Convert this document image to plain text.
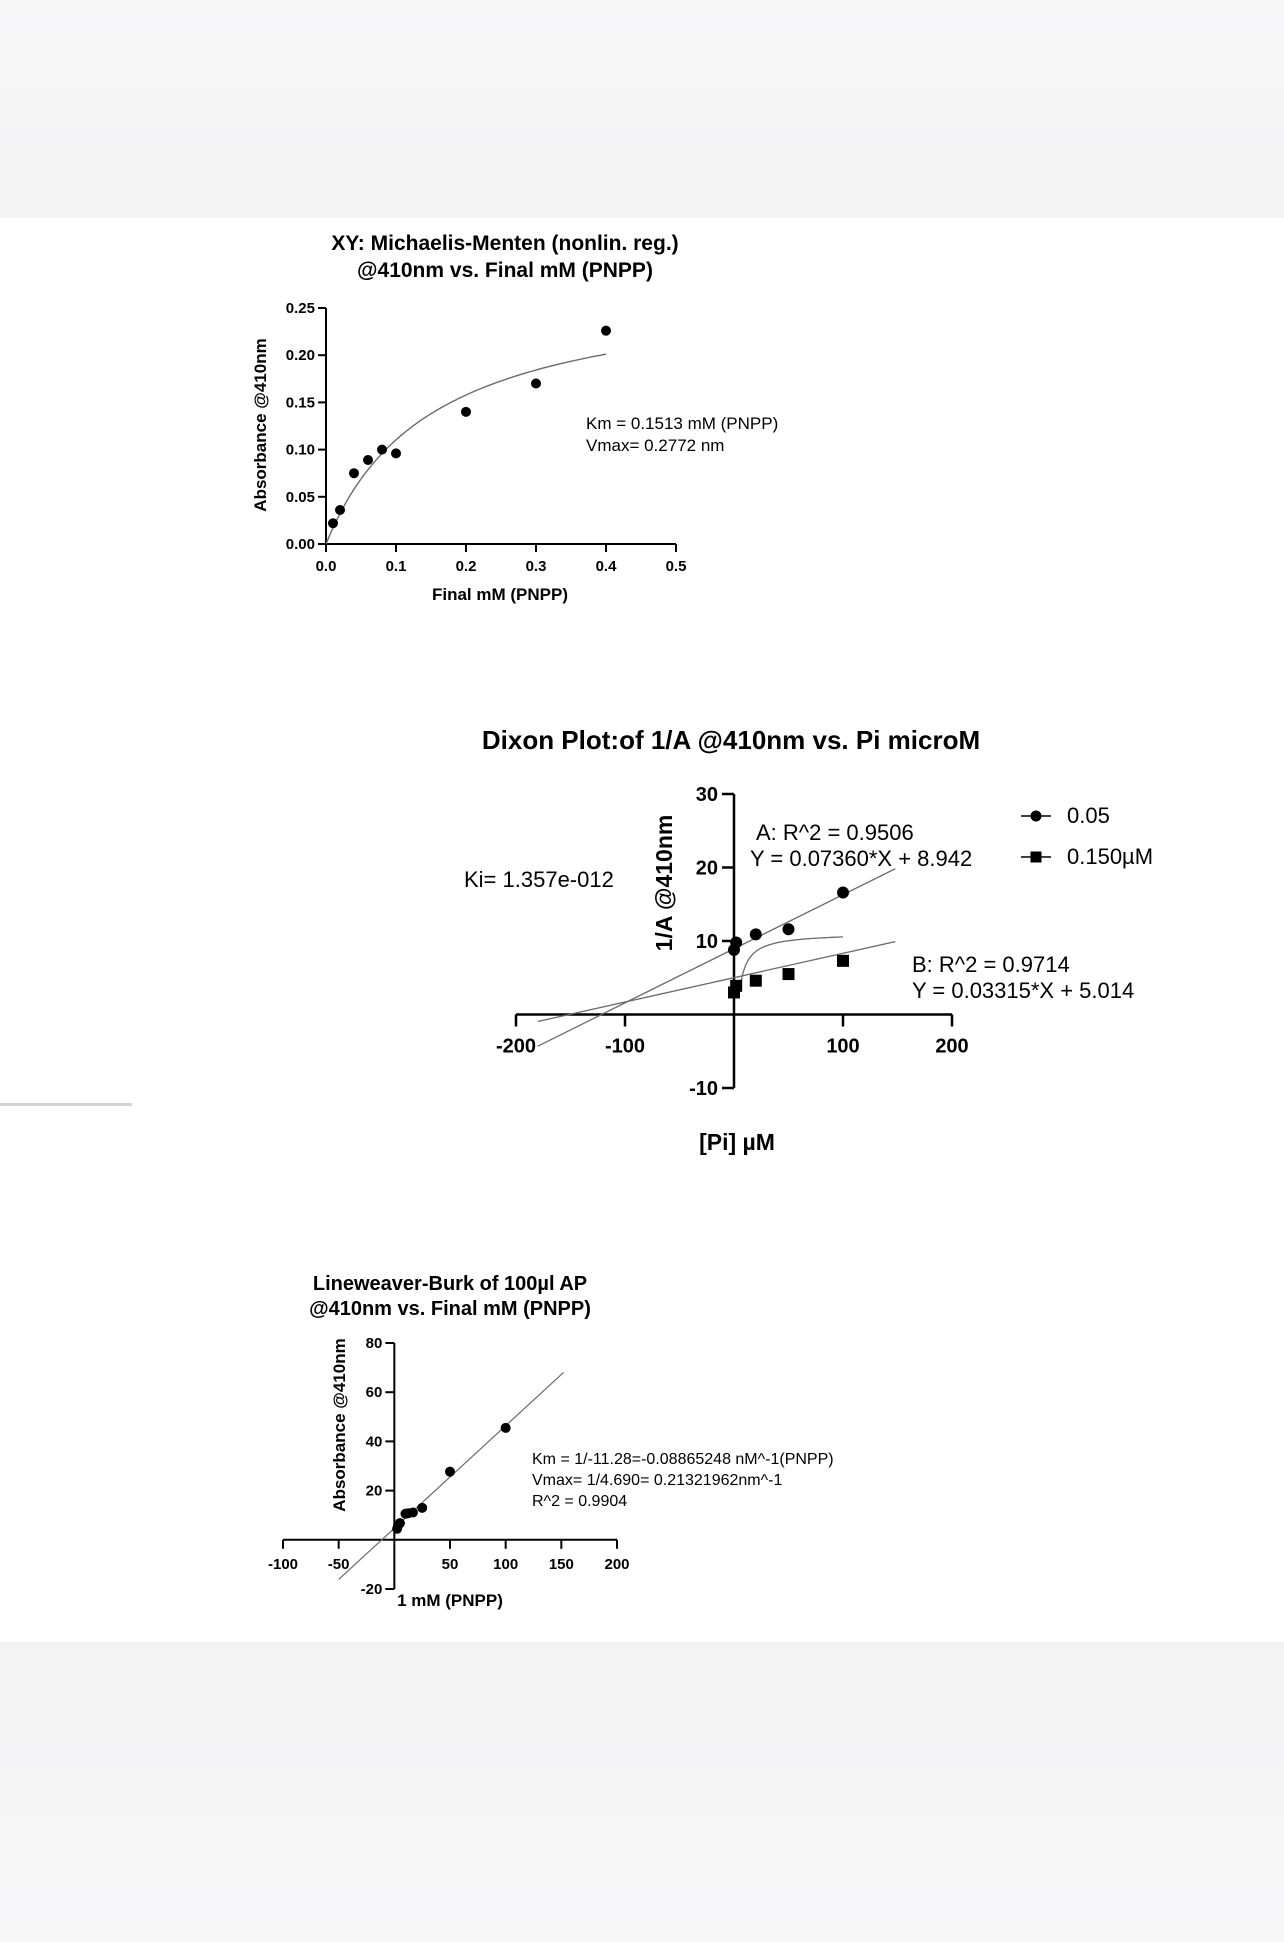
XY: Michaelis-Menten (nonlin. reg.)
@410nm vs. Final mM (PNPP)
Final mM (PNPP)
Absorbance @410nm	Km = 0.1513 mM (PNPP)
Vmax= 0.2772 nm
Dixon Plot:of 1/A @410nm vs. Pi microM
[Pi] µM
1/A @410nm
Ki= 1.357e-012
A: R^2 = 0.9506
Y = 0.07360*X + 8.942
B: R^2 = 0.9714
Y = 0.03315*X + 5.014
0.05
0.150µM
Lineweaver-Burk of 100µl AP
@410nm vs. Final mM (PNPP)
1 mM (PNPP)
Absorbance @410nm	Km = 1/-11.28=-0.08865248 nM^-1(PNPP)
Vmax= 1/4.690= 0.21321962nm^-1
R^2 = 0.9904
0.0	0.1	0.2	0.3	0.4	0.5
0.00
0.05
0.10
0.15
0.20
0.25
-200	-100	100	200
-10
10
20
30
-100 -50	50 100 150 200
-20
20
40
60
80
